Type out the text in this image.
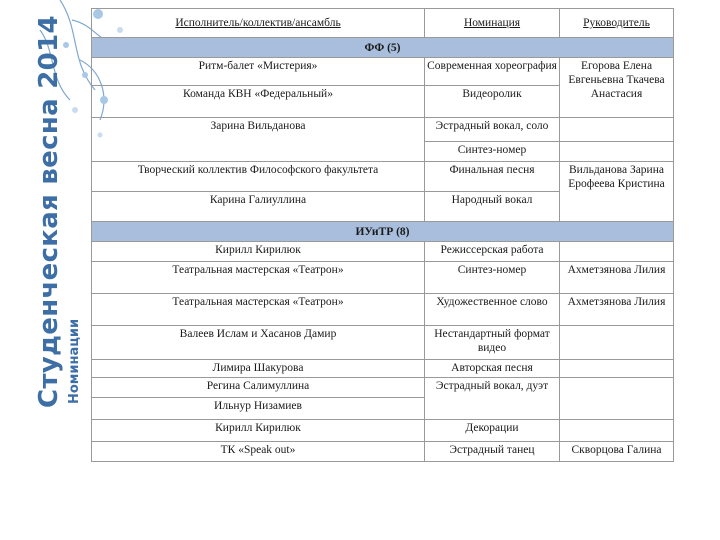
Студенческая весна 2014 Номинации
Исполнитель/коллектив/ансамбль	Номинация	Руководитель
ФФ (5)		
Ритм-балет «Мистерия»	Современная хореография	Егорова Елена Евгеньевна Ткачева Анастасия
Команда КВН «Федеральный»	Видеоролик	
Зарина Вильданова	Эстрадный вокал, соло	
	Синтез-номер	
Творческий коллектив Философского факультета	Финальная песня	Вильданова Зарина Ерофеева Кристина
Карина Галиуллина	Народный вокал	
ИУиТР (8)		
Кирилл Кирилюк	Режиссерская работа	
Театральная мастерская «Театрон»	Синтез-номер	Ахметзянова Лилия
Театральная мастерская «Театрон»	Художественное слово	Ахметзянова Лилия
Валеев Ислам и Хасанов Дамир	Нестандартный формат видео	
Лимира Шакурова	Авторская песня	
Регина Салимуллина	Эстрадный вокал, дуэт	
Ильнур Низамиев		
Кирилл Кирилюк	Декорации	
ТК «Speak out»	Эстрадный танец	Скворцова Галина
